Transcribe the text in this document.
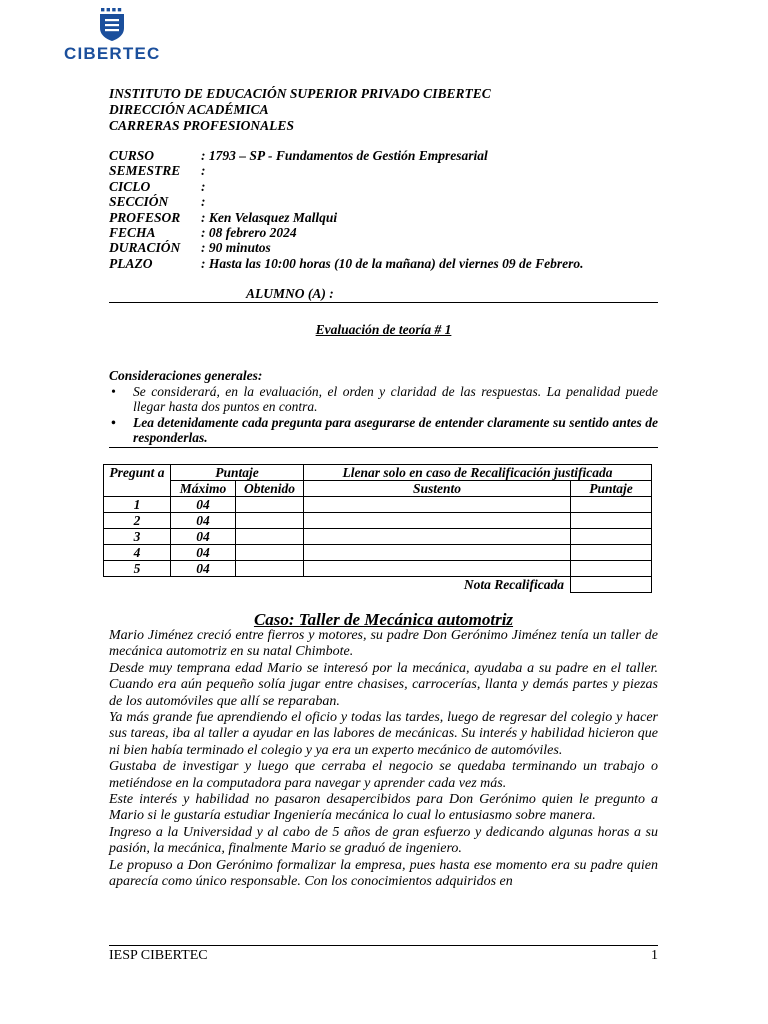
CIBERTEC
INSTITUTO DE EDUCACIÓN SUPERIOR PRIVADO CIBERTEC
DIRECCIÓN ACADÉMICA
CARRERAS PROFESIONALES
CURSO	: 1793 – SP - Fundamentos de Gestión Empresarial
SEMESTRE	:
CICLO	:
SECCIÓN	:
PROFESOR	: Ken Velasquez Mallqui
FECHA	: 08 febrero 2024
DURACIÓN	: 90 minutos
PLAZO	: Hasta las 10:00 horas (10 de la mañana) del viernes 09 de Febrero.
ALUMNO (A) :
Evaluación de teoría # 1
Consideraciones generales:
• Se considerará, en la evaluación, el orden y claridad de las respuestas. La penalidad puede llegar hasta dos puntos en contra.
• Lea detenidamente cada pregunta para asegurarse de entender claramente su sentido antes de responderlas.
Pregunt a	Puntaje		Llenar solo en caso de Recalificación justificada	
	Máximo	Obtenido	Sustento	Puntaje
1	04			
2	04			
3	04			
4	04			
5	04			
Nota Recalificada				
Caso: Taller de Mecánica automotriz

Mario Jiménez creció entre fierros y motores, su padre Don Gerónimo Jiménez tenía un taller de mecánica automotriz en su natal Chimbote.

Desde muy temprana edad Mario se interesó por la mecánica, ayudaba a su padre en el taller. Cuando era aún pequeño solía jugar entre chasises, carrocerías, llanta y demás partes y piezas de los automóviles que allí se reparaban.

Ya más grande fue aprendiendo el oficio y todas las tardes, luego de regresar del colegio y hacer sus tareas, iba al taller a ayudar en las labores de mecánicas. Su interés y habilidad hicieron que ni bien había terminado el colegio y ya era un experto mecánico de automóviles.

Gustaba de investigar y luego que cerraba el negocio se quedaba terminando un trabajo o metiéndose en la computadora para navegar y aprender cada vez más.

Este interés y habilidad no pasaron desapercibidos para Don Gerónimo quien le pregunto a Mario si le gustaría estudiar Ingeniería mecánica lo cual lo entusiasmo sobre manera.

Ingreso a la Universidad y al cabo de 5 años de gran esfuerzo y dedicando algunas horas a su pasión, la mecánica, finalmente Mario se graduó de ingeniero.

Le propuso a Don Gerónimo formalizar la empresa, pues hasta ese momento era su padre quien aparecía como único responsable. Con los conocimientos adquiridos en

IESP CIBERTEC	1
